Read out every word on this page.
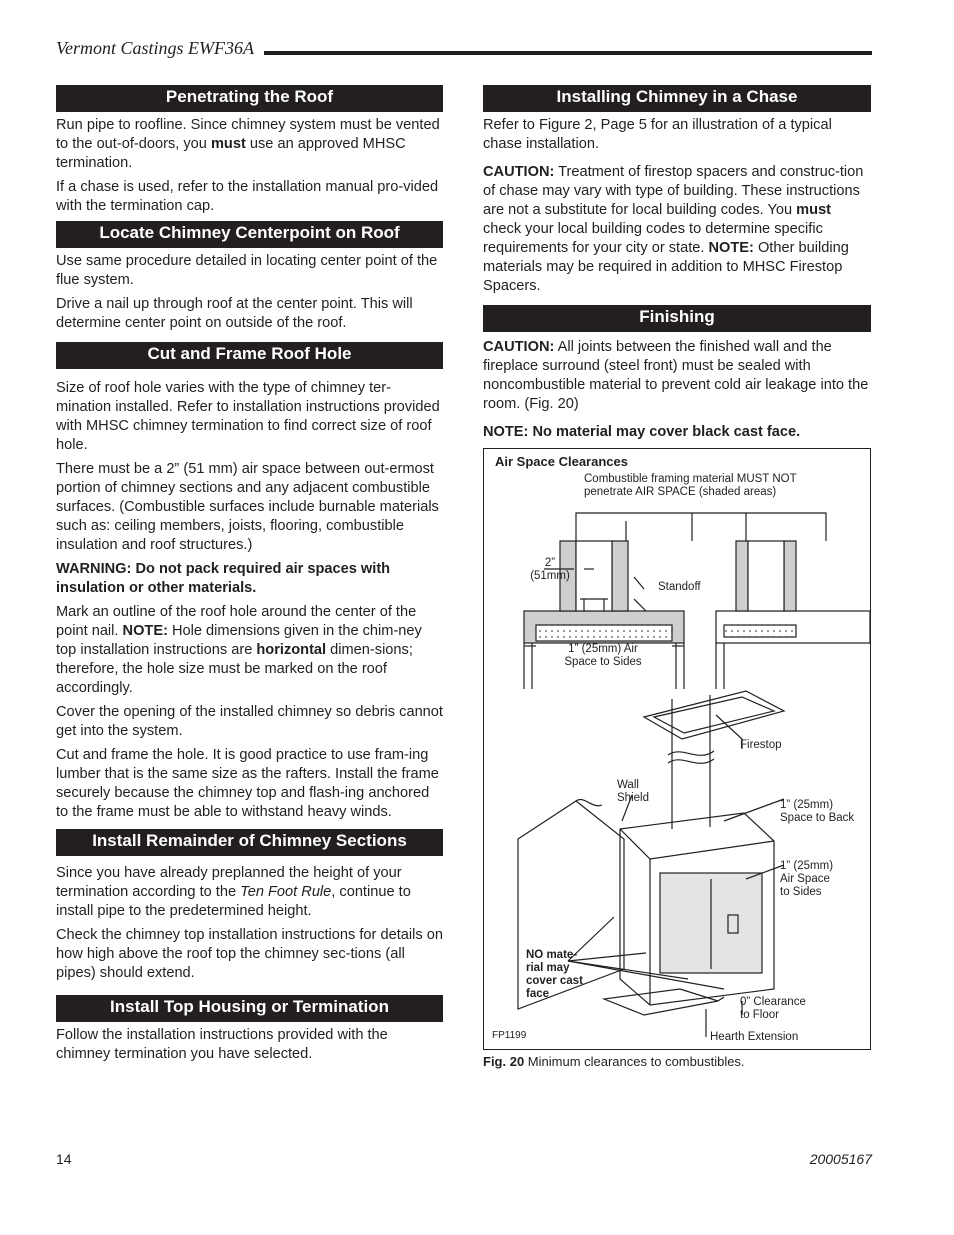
Vermont Castings EWF36A
Penetrating the Roof

Run pipe to roofline. Since chimney system must be vented to the out-of-doors, you must use an approved MHSC termination.

If a chase is used, refer to the installation manual pro-vided with the termination cap.

Locate Chimney Centerpoint on Roof

Use same procedure detailed in locating center point of the flue system.

Drive a nail up through roof at the center point. This will determine center point on outside of the roof.

Cut and Frame Roof Hole

Size of roof hole varies with the type of chimney ter-mination installed. Refer to installation instructions provided with MHSC chimney termination to find correct size of roof hole.

There must be a 2” (51 mm) air space between out-ermost portion of chimney sections and any adjacent combustible surfaces. (Combustible surfaces include burnable materials such as: ceiling members, joists, flooring, combustible insulation and roof structures.)

WARNING: Do not pack required air spaces with insulation or other materials.

Mark an outline of the roof hole around the center of the point nail. NOTE: Hole dimensions given in the chim-ney top installation instructions are horizontal dimen-sions; therefore, the hole size must be marked on the roof accordingly.

Cover the opening of the installed chimney so debris cannot get into the system.

Cut and frame the hole. It is good practice to use fram-ing lumber that is the same size as the rafters. Install the frame securely because the chimney top and flash-ing anchored to the frame must be able to withstand heavy winds.

Install Remainder of Chimney Sections

Since you have already preplanned the height of your termination according to the Ten Foot Rule, continue to install pipe to the predetermined height.

Check the chimney top installation instructions for details on how high above the roof top the chimney sec-tions (all pipes) should extend.

Install Top Housing or Termination

Follow the installation instructions provided with the chimney termination you have selected.

Installing Chimney in a Chase

Refer to Figure 2, Page 5 for an illustration of a typical chase installation.

CAUTION: Treatment of firestop spacers and construc-tion of chase may vary with type of building. These instructions are not a substitute for local building codes. You must check your local building codes to determine specific requirements for your city or state. NOTE: Other building materials may be required in addition to MHSC Firestop Spacers.

Finishing

CAUTION: All joints between the finished wall and the fireplace surround (steel front) must be sealed with noncombustible material to prevent cold air leakage into the room. (Fig. 20)

NOTE: No material may cover black cast face.

Air Space Clearances
Combustible framing material MUST NOT penetrate AIR SPACE (shaded areas)
2”
(51mm)
Standoff
1” (25mm) Air
Space to Sides
Firestop
Wall
Shield
1” (25mm)
Space to Back
1” (25mm)
Air Space
to Sides
NO mate-
rial may
cover cast
face
0” Clearance
to Floor
Hearth Extension
FP1199
Fig. 20 Minimum clearances to combustibles.
14	20005167
